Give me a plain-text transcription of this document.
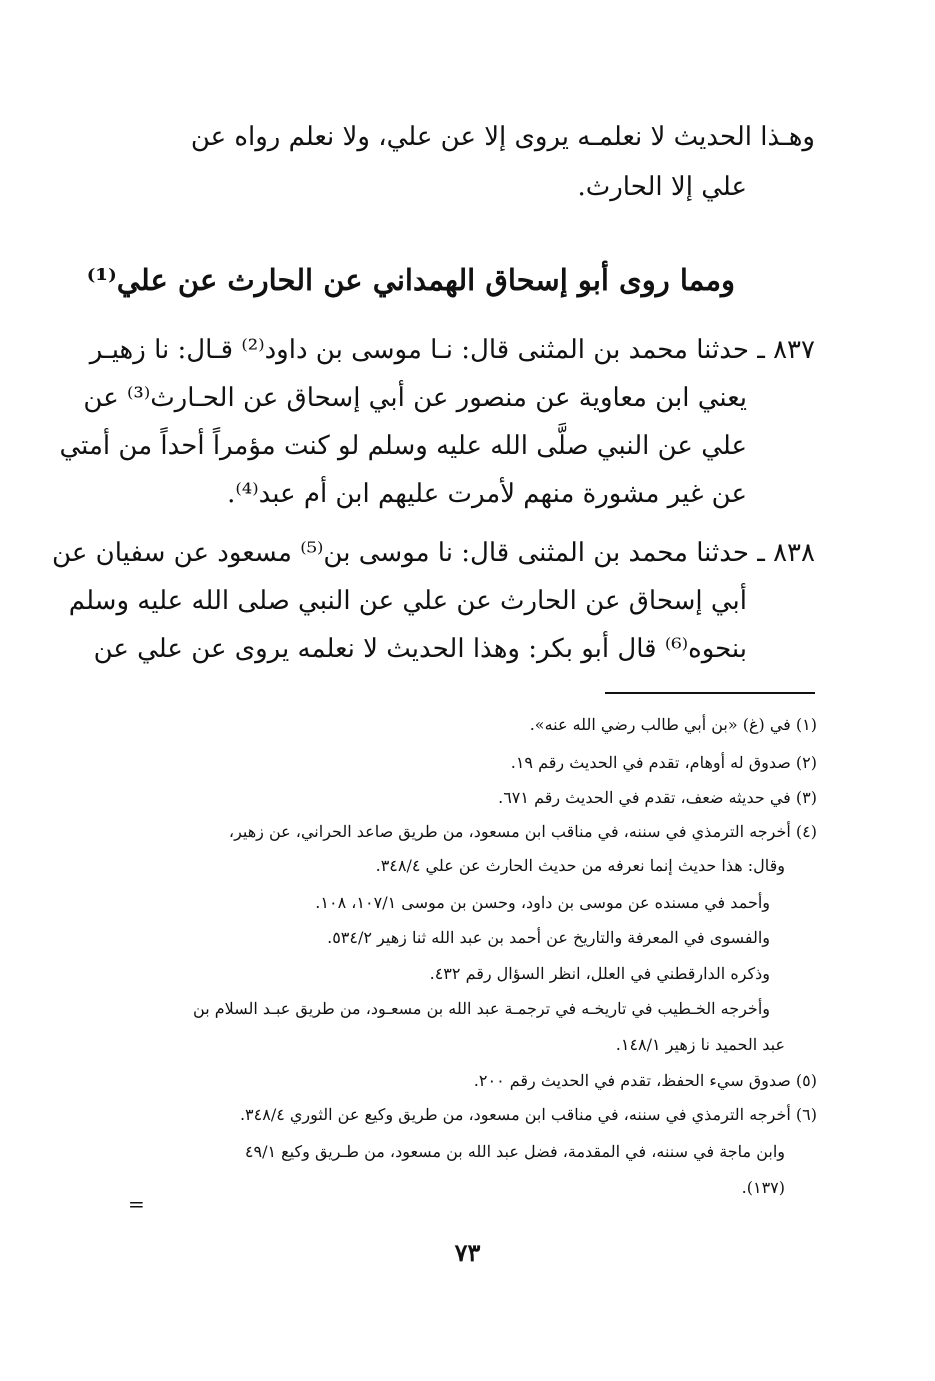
وهـذا الحديث لا نعلمـه يروى إلا عن علي، ولا نعلم رواه عن
علي إلا الحارث.
ومما روى أبو إسحاق الهمداني عن الحارث عن علي⁽¹⁾
٨٣٧ ـ حدثنا محمد بن المثنى قال: نـا موسى بن داود⁽²⁾ قـال: نا زهيـر
يعني ابن معاوية عن منصور عن أبي إسحاق عن الحـارث⁽³⁾ عن
علي عن النبي صلَّى الله عليه وسلم لو كنت مؤمراً أحداً من أمتي
عن غير مشورة منهم لأمرت عليهم ابن أم عبد⁽⁴⁾.
٨٣٨ ـ حدثنا محمد بن المثنى قال: نا موسى بن⁽⁵⁾ مسعود عن سفيان عن
أبي إسحاق عن الحارث عن علي عن النبي صلى الله عليه وسلم
بنحوه⁽⁶⁾ قال أبو بكر: وهذا الحديث لا نعلمه يروى عن علي عن
(١) في (غ) «بن أبي طالب رضي الله عنه».
(٢) صدوق له أوهام، تقدم في الحديث رقم ١٩.
(٣) في حديثه ضعف، تقدم في الحديث رقم ٦٧١.
(٤) أخرجه الترمذي في سننه، في مناقب ابن مسعود، من طريق صاعد الحراني، عن زهير،
وقال: هذا حديث إنما نعرفه من حديث الحارث عن علي ٣٤٨/٤.
وأحمد في مسنده عن موسى بن داود، وحسن بن موسى ١٠٧/١، ١٠٨.
والفسوى في المعرفة والتاريخ عن أحمد بن عبد الله ثنا زهير ٥٣٤/٢.
وذكره الدارقطني في العلل، انظر السؤال رقم ٤٣٢.
وأخرجه الخـطيب في تاريخـه في ترجمـة عبد الله بن مسعـود، من طريق عبـد السلام بن
عبد الحميد نا زهير ١٤٨/١.
(٥) صدوق سيء الحفظ، تقدم في الحديث رقم ٢٠٠.
(٦) أخرجه الترمذي في سننه، في مناقب ابن مسعود، من طريق وكيع عن الثوري ٣٤٨/٤.
وابن ماجة في سننه، في المقدمة، فضل عبد الله بن مسعود، من طـريق وكيع ٤٩/١
(١٣٧).
=
٧٣
